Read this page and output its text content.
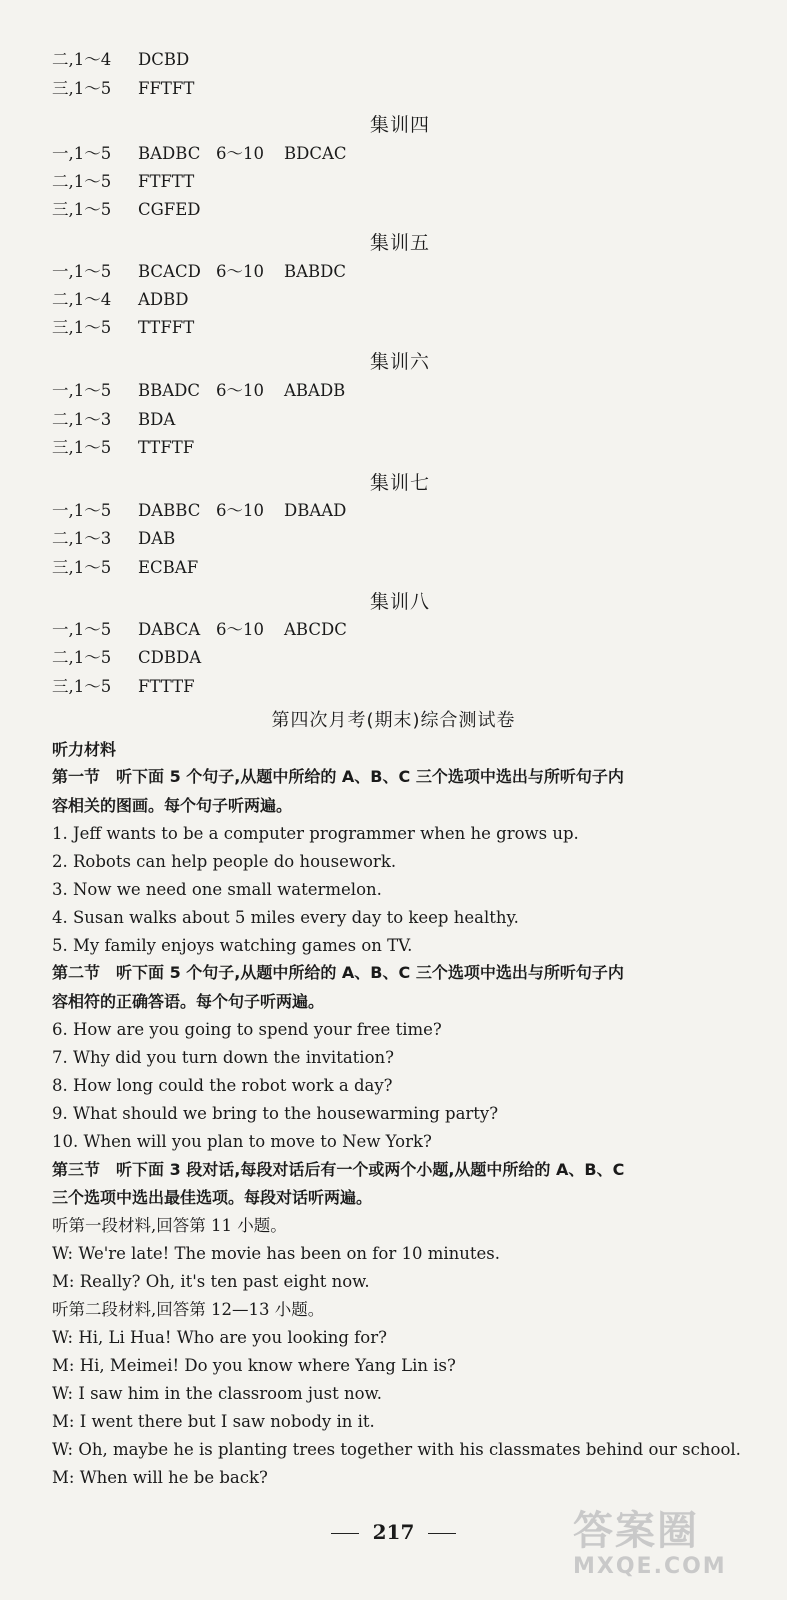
二,1～4 DCBD
三,1～5 FFTFT
集训四
一,1～5 BADBC 6～10 BDCAC
二,1～5 FTFTT
三,1～5 CGFED
集训五
一,1～5 BCACD 6～10 BABDC
二,1～4 ADBD
三,1～5 TTFFT
集训六
一,1～5 BBADC 6～10 ABADB
二,1～3 BDA
三,1～5 TTFTF
集训七
一,1～5 DABBC 6～10 DBAAD
二,1～3 DAB
三,1～5 ECBAF
集训八
一,1～5 DABCA 6～10 ABCDC
二,1～5 CDBDA
三,1～5 FTTTF
第四次月考(期末)综合测试卷
听力材料
第一节　听下面 5 个句子,从题中所给的 A、B、C 三个选项中选出与所听句子内
容相关的图画。每个句子听两遍。
1. Jeff wants to be a computer programmer when he grows up.
2. Robots can help people do housework.
3. Now we need one small watermelon.
4. Susan walks about 5 miles every day to keep healthy.
5. My family enjoys watching games on TV.
第二节　听下面 5 个句子,从题中所给的 A、B、C 三个选项中选出与所听句子内
容相符的正确答语。每个句子听两遍。
6. How are you going to spend your free time?
7. Why did you turn down the invitation?
8. How long could the robot work a day?
9. What should we bring to the housewarming party?
10. When will you plan to move to New York?
第三节　听下面 3 段对话,每段对话后有一个或两个小题,从题中所给的 A、B、C
三个选项中选出最佳选项。每段对话听两遍。
听第一段材料,回答第 11 小题。
W: We're late! The movie has been on for 10 minutes.
M: Really? Oh, it's ten past eight now.
听第二段材料,回答第 12—13 小题。
W: Hi, Li Hua! Who are you looking for?
M: Hi, Meimei! Do you know where Yang Lin is?
W: I saw him in the classroom just now.
M: I went there but I saw nobody in it.
W: Oh, maybe he is planting trees together with his classmates behind our school.
M: When will he be back?
217	答案圈
MXQE.COM
